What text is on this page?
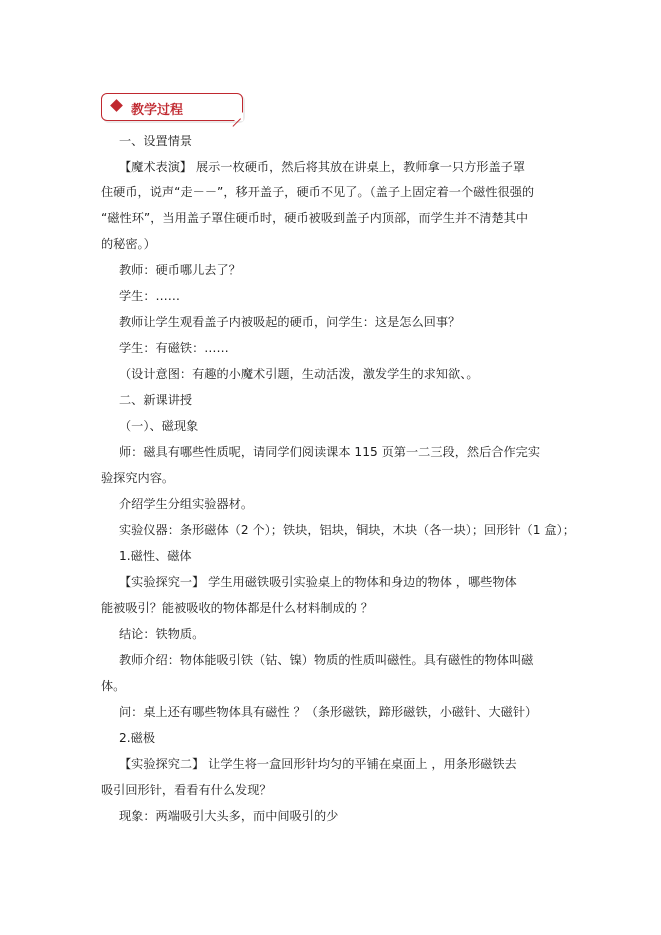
教学过程
一、设置情景
【魔术表演】 展示一枚硬币，然后将其放在讲桌上，教师拿一只方形盖子罩
住硬币，说声“走－－”，移开盖子，硬币不见了。（盖子上固定着一个磁性很强的
“磁性环”，当用盖子罩住硬币时，硬币被吸到盖子内顶部，而学生并不清楚其中
的秘密。）
教师：硬币哪儿去了？
学生：……
教师让学生观看盖子内被吸起的硬币，问学生：这是怎么回事？
学生：有磁铁：……
（设计意图：有趣的小魔术引题，生动活泼，激发学生的求知欲、。
二、新课讲授
（一）、磁现象
师：磁具有哪些性质呢，请同学们阅读课本 115 页第一二三段，然后合作完实
验探究内容。
介绍学生分组实验器材。
实验仪器：条形磁体（2 个）；铁块，铝块，铜块，木块（各一块）；回形针（1 盒）；
1.磁性、磁体
【实验探究一】 学生用磁铁吸引实验桌上的物体和身边的物体 ，哪些物体
能被吸引？能被吸收的物体都是什么材料制成的 ？
结论：铁物质。
教师介绍：物体能吸引铁（钴、镍）物质的性质叫磁性。具有磁性的物体叫磁
体。
问：桌上还有哪些物体具有磁性 ？（条形磁铁，蹄形磁铁，小磁针、大磁针）
2.磁极
【实验探究二】 让学生将一盒回形针均匀的平铺在桌面上 ，用条形磁铁去
吸引回形针，看看有什么发现？
现象：两端吸引大头多，而中间吸引的少
